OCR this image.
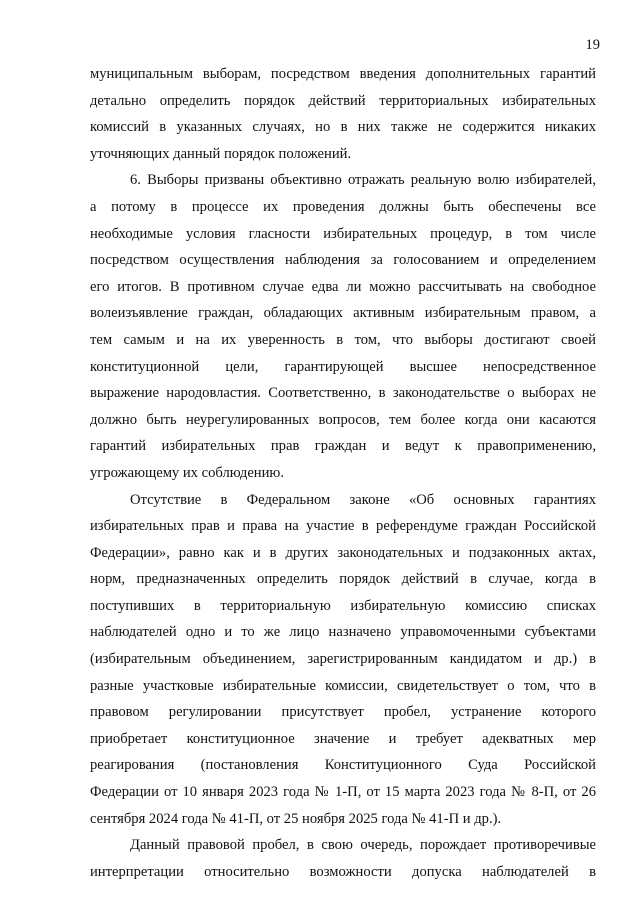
19
муниципальным выборам, посредством введения дополнительных гарантий
детально определить порядок действий территориальных избирательных
комиссий в указанных случаях, но в них также не содержится никаких
уточняющих данный порядок положений.
6. Выборы призваны объективно отражать реальную волю избирателей,
а потому в процессе их проведения должны быть обеспечены все
необходимые условия гласности избирательных процедур, в том числе
посредством осуществления наблюдения за голосованием и определением
его итогов. В противном случае едва ли можно рассчитывать на свободное
волеизъявление граждан, обладающих активным избирательным правом, а
тем самым и на их уверенность в том, что выборы достигают своей
конституционной цели, гарантирующей высшее непосредственное
выражение народовластия. Соответственно, в законодательстве о выборах не
должно быть неурегулированных вопросов, тем более когда они касаются
гарантий избирательных прав граждан и ведут к правоприменению,
угрожающему их соблюдению.
Отсутствие в Федеральном законе «Об основных гарантиях
избирательных прав и права на участие в референдуме граждан Российской
Федерации», равно как и в других законодательных и подзаконных актах,
норм, предназначенных определить порядок действий в случае, когда в
поступивших в территориальную избирательную комиссию списках
наблюдателей одно и то же лицо назначено управомоченными субъектами
(избирательным объединением, зарегистрированным кандидатом и др.) в
разные участковые избирательные комиссии, свидетельствует о том, что в
правовом регулировании присутствует пробел, устранение которого
приобретает конституционное значение и требует адекватных мер
реагирования (постановления Конституционного Суда Российской
Федерации от 10 января 2023 года № 1-П, от 15 марта 2023 года № 8-П, от 26
сентября 2024 года № 41-П, от 25 ноября 2025 года № 41-П и др.).
Данный правовой пробел, в свою очередь, порождает противоречивые
интерпретации относительно возможности допуска наблюдателей в
